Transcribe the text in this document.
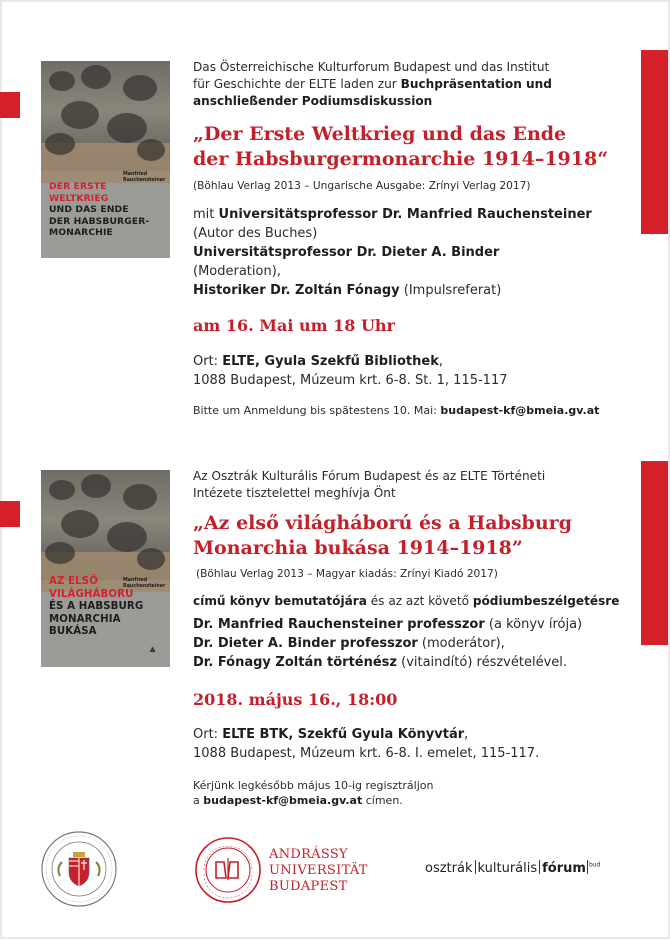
DER ERSTE
WELTKRIEG
UND DAS ENDE
DER HABSBURGER-
MONARCHIE
Manfried
Rauchensteiner
AZ ELSŐ
VILÁGHÁBORÚ
ÉS A HABSBURG
MONARCHIA
BUKÁSA
Manfried
Rauchensteiner
♣
Das Österreichische Kulturforum Budapest und das Institut
für Geschichte der ELTE laden zur Buchpräsentation und
anschließender Podiumsdiskussion
„Der Erste Weltkrieg und das Ende
der Habsburgermonarchie 1914–1918“
(Böhlau Verlag 2013 – Ungarische Ausgabe: Zrínyi Verlag 2017)
mit Universitätsprofessor Dr. Manfried Rauchensteiner
(Autor des Buches)
Universitätsprofessor Dr. Dieter A. Binder
(Moderation),
Historiker Dr. Zoltán Fónagy (Impulsreferat)
am 16. Mai um 18 Uhr
Ort: ELTE, Gyula Szekfű Bibliothek,
1088 Budapest, Múzeum krt. 6-8. St. 1, 115-117
Bitte um Anmeldung bis spätestens 10. Mai: budapest-kf@bmeia.gv.at
Az Osztrák Kulturális Fórum Budapest és az ELTE Történeti
Intézete tisztelettel meghívja Önt
„Az első világháború és a Habsburg
Monarchia bukása 1914–1918”
(Böhlau Verlag 2013 – Magyar kiadás: Zrínyi Kiadó 2017)
című könyv bemutatójára és az azt követő pódiumbeszélgetésre
Dr. Manfried Rauchensteiner professzor (a könyv írója)
Dr. Dieter A. Binder professzor (moderátor),
Dr. Fónagy Zoltán történész (vitaindító) részvételével.
2018. május 16., 18:00
Ort: ELTE BTK, Szekfű Gyula Könyvtár,
1088 Budapest, Múzeum krt. 6-8. I. emelet, 115-117.
Kérjünk legkésőbb május 10-ig regisztráljon
a budapest-kf@bmeia.gv.at címen.
ANDRÁSSY
UNIVERSITÄT
BUDAPEST
osztrák kulturális fórum $^{bud}$
